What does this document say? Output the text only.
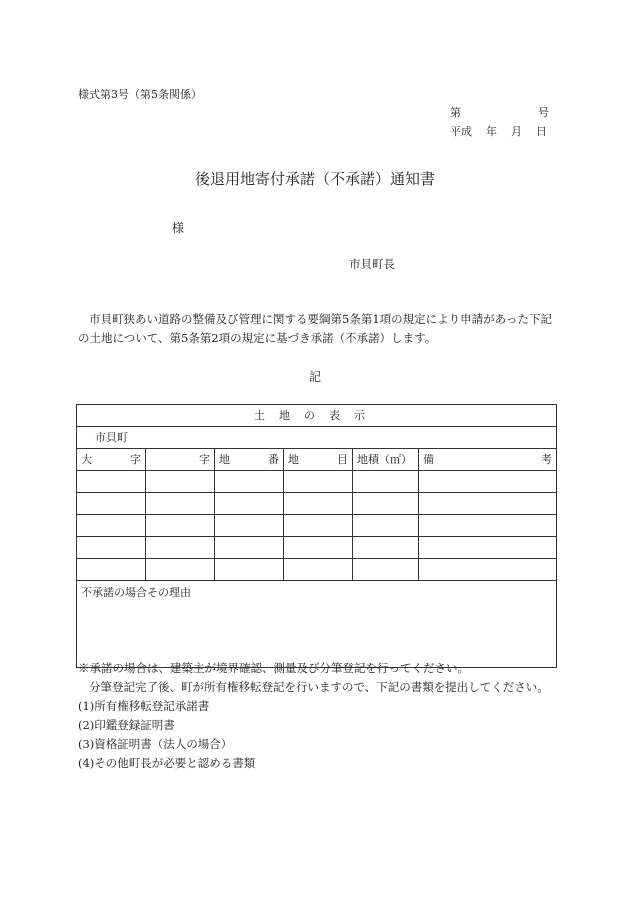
様式第3号（第5条関係）
第	号
平成 年 月 日
後退用地寄付承諾（不承諾）通知書
様
市貝町長
市貝町狭あい道路の整備及び管理に関する要綱第5条第1項の規定により申請があった下記の土地について、第5条第2項の規定に基づき承諾（不承諾）します。
記
土地の表示					
市貝町					
大　字	字	地　番	地　目	地積（㎡）	備　考

不承諾の場合その理由					
※承諾の場合は、建築主が境界確認、測量及び分筆登記を行ってください。
分筆登記完了後、町が所有権移転登記を行いますので、下記の書類を提出してください。
(1)所有権移転登記承諾書
(2)印鑑登録証明書
(3)資格証明書（法人の場合）
(4)その他町長が必要と認める書類
